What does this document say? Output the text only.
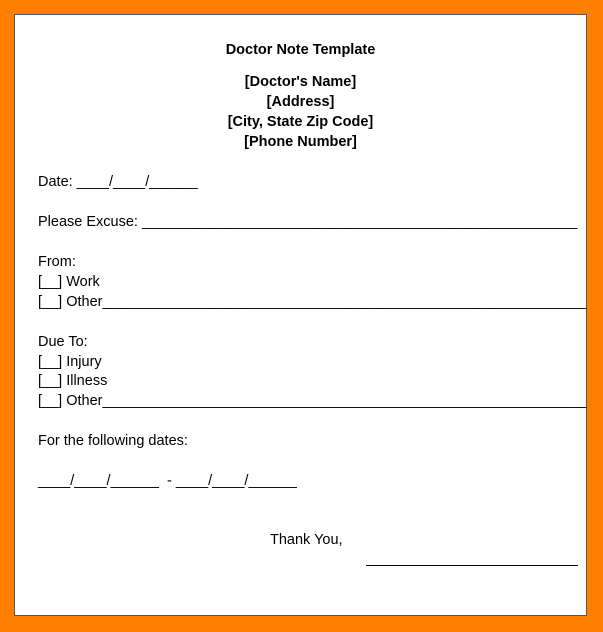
Doctor Note Template
[Doctor's Name]
[Address]
[City, State Zip Code]
[Phone Number]
Date: ____/____/______
Please Excuse: ______________________________________________________
From:
[__] Work
[__] Other____________________________________________________________
Due To:
[__] Injury
[__] Illness
[__] Other____________________________________________________________
For the following dates:
____/____/______  - ____/____/______
Thank You,
